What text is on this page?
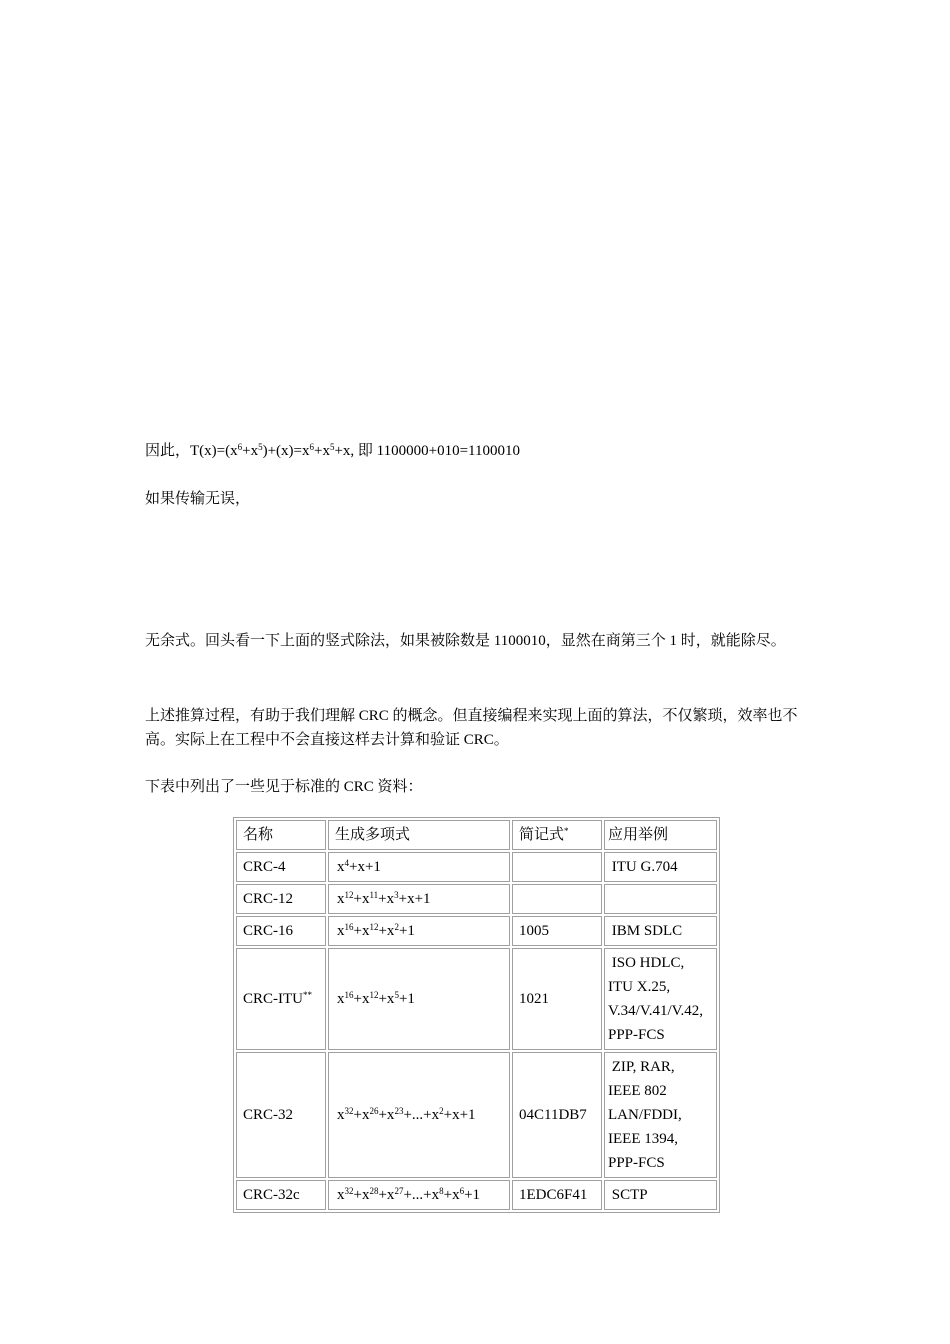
因此，$T(x)=(x^6+x^5)+(x)=x^6+x^5+x$, 即 1100000+010=1100010

如果传输无误，

无余式。回头看一下上面的竖式除法，如果被除数是 1100010，显然在商第三个 1 时，就能除尽。

上述推算过程，有助于我们理解 CRC 的概念。但直接编程来实现上面的算法，不仅繁琐，效率也不高。实际上在工程中不会直接这样去计算和验证 CRC。

下表中列出了一些见于标准的 CRC 资料：

名称	生成多项式	简记式*	应用举例
CRC-4	$x^4+x+1$		ITU G.704

CRC-12	$x^{12}+x^{11}+x^3+x+1$		

CRC-16	$x^{16}+x^{12}+x^2+1$	1005	IBM SDLC

CRC-ITU**	$x^{16}+x^{12}+x^5+1$	1021	ISO HDLC,
ITU X.25,
V.34/V.41/V.42,
PPP-FCS

CRC-32	$x^{32}+x^{26}+x^{23}+...+x^2+x+1$	04C11DB7	ZIP, RAR,
IEEE 802
LAN/FDDI,
IEEE 1394,
PPP-FCS

CRC-32c	$x^{32}+x^{28}+x^{27}+...+x^8+x^6+1$	1EDC6F41	SCTP
